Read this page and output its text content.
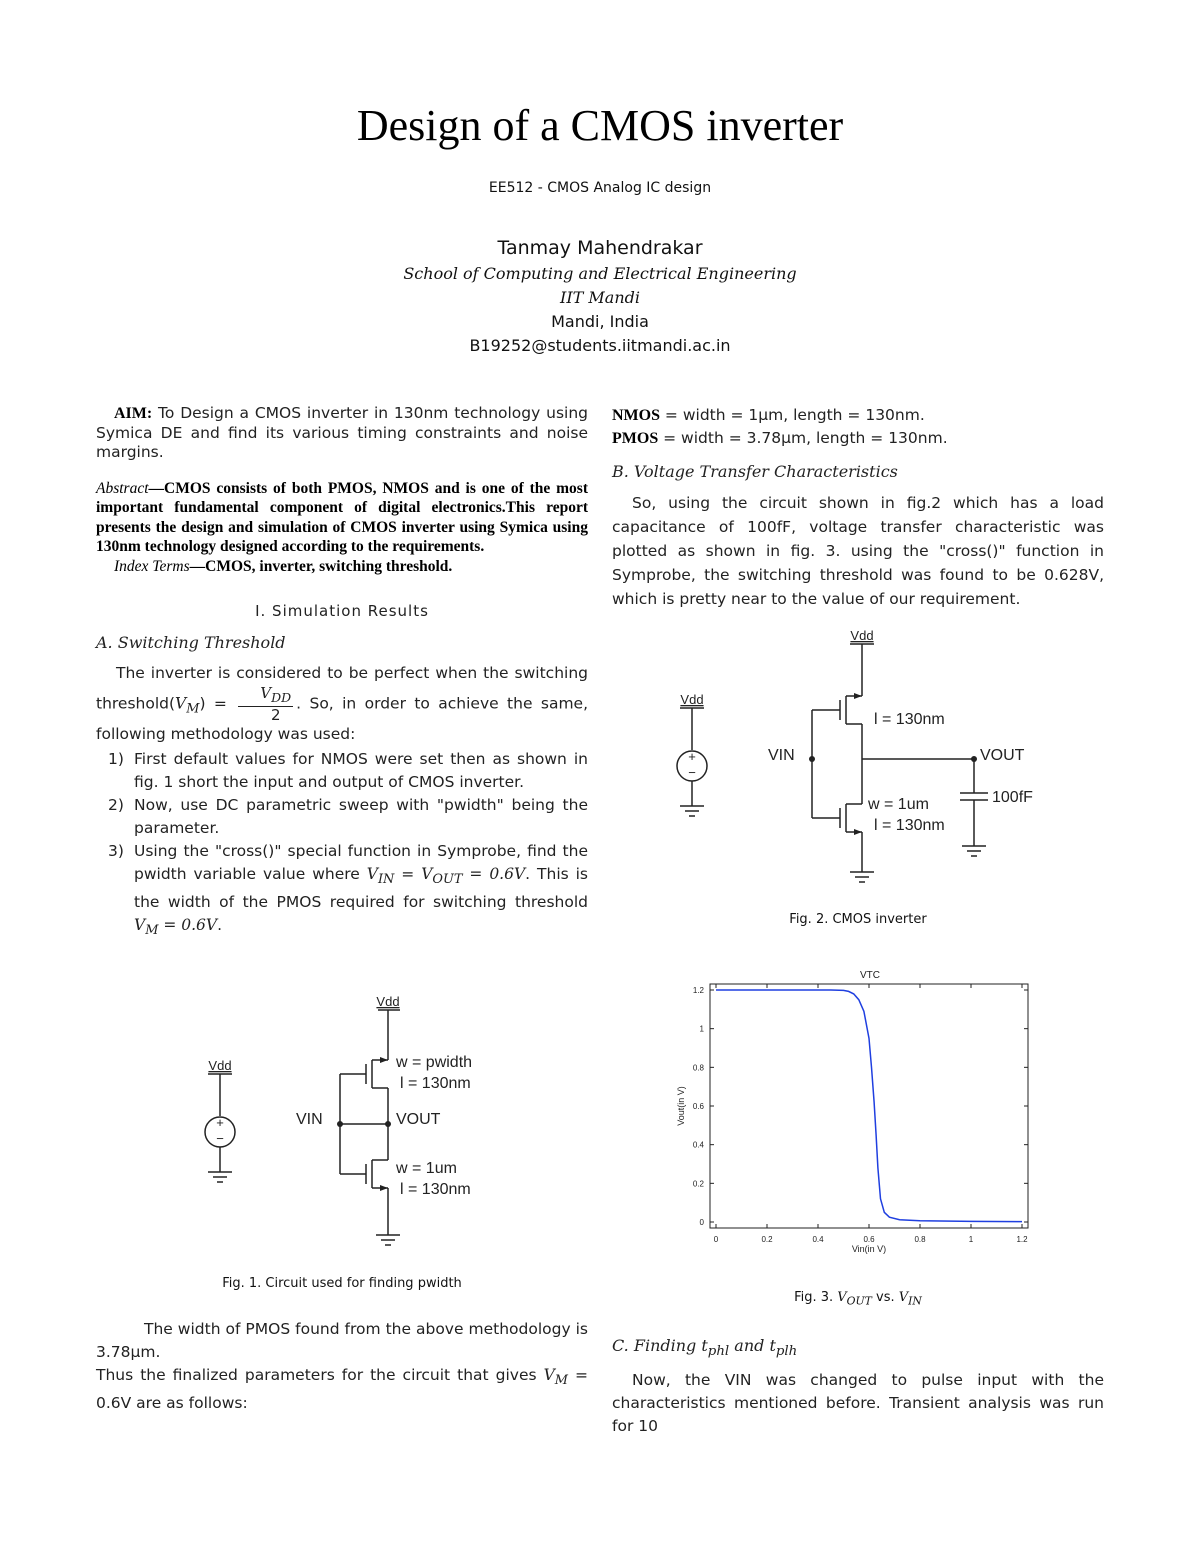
Design of a CMOS inverter
EE512 - CMOS Analog IC design
Tanmay Mahendrakar
School of Computing and Electrical Engineering
IIT Mandi
Mandi, India
B19252@students.iitmandi.ac.in

AIM: To Design a CMOS inverter in 130nm technology using Symica DE and find its various timing constraints and noise margins.

Abstract—CMOS consists of both PMOS, NMOS and is one of the most important fundamental component of digital electronics.This report presents the design and simulation of CMOS inverter using Symica using 130nm technology designed according to the requirements.

Index Terms—CMOS, inverter, switching threshold.

I. Simulation Results

A. Switching Threshold

The inverter is considered to be perfect when the switching $threshold(V_M)$ =
$V_{DD}$
2
. So, in order to achieve the same, following methodology was used:

1) First default values for NMOS were set then as shown in fig. 1 short the input and output of CMOS inverter.
2) Now, use DC parametric sweep with "pwidth" being the parameter.
3) Using the "cross()" special function in Symprobe, find the pwidth variable value where $V_{IN} = V_{OUT} = 0.6V$. This is the width of the PMOS required for switching threshold $V_M = 0.6V$.
+
−
Vdd
Vdd
VIN	VOUT
w = pwidth
l = 130nm
w = 1um
l = 130nm
Fig. 1. Circuit used for finding pwidth

The width of PMOS found from the above methodology is 3.78μm.

Thus the finalized parameters for the circuit that gives $V_M = 0.6V$ are as follows:

NMOS = width = 1μm, length = 130nm.

PMOS = width = 3.78μm, length = 130nm.

B. Voltage Transfer Characteristics

So, using the circuit shown in fig.2 which has a load capacitance of 100fF, voltage transfer characteristic was plotted as shown in fig. 3. using the "cross()" function in Symprobe, the switching threshold was found to be 0.628V, which is pretty near to the value of our requirement.

+
−
Vdd
Vdd
VIN	VOUT
l = 130nm
w = 1um
l = 130nm
100fF
Fig. 2. CMOS inverter
VTC
0	0.2	0.4	0.6	0.8	1	1.2
0
0.2
0.4
0.6
0.8
1
1.2
Vin(in V)
Vout(in V)
Fig. 3. $V_{OUT}$ vs. $V_{IN}$

C. Finding $t_{phl}$ and $t_{plh}$

Now, the VIN was changed to pulse input with the characteristics mentioned before. Transient analysis was run for 10
